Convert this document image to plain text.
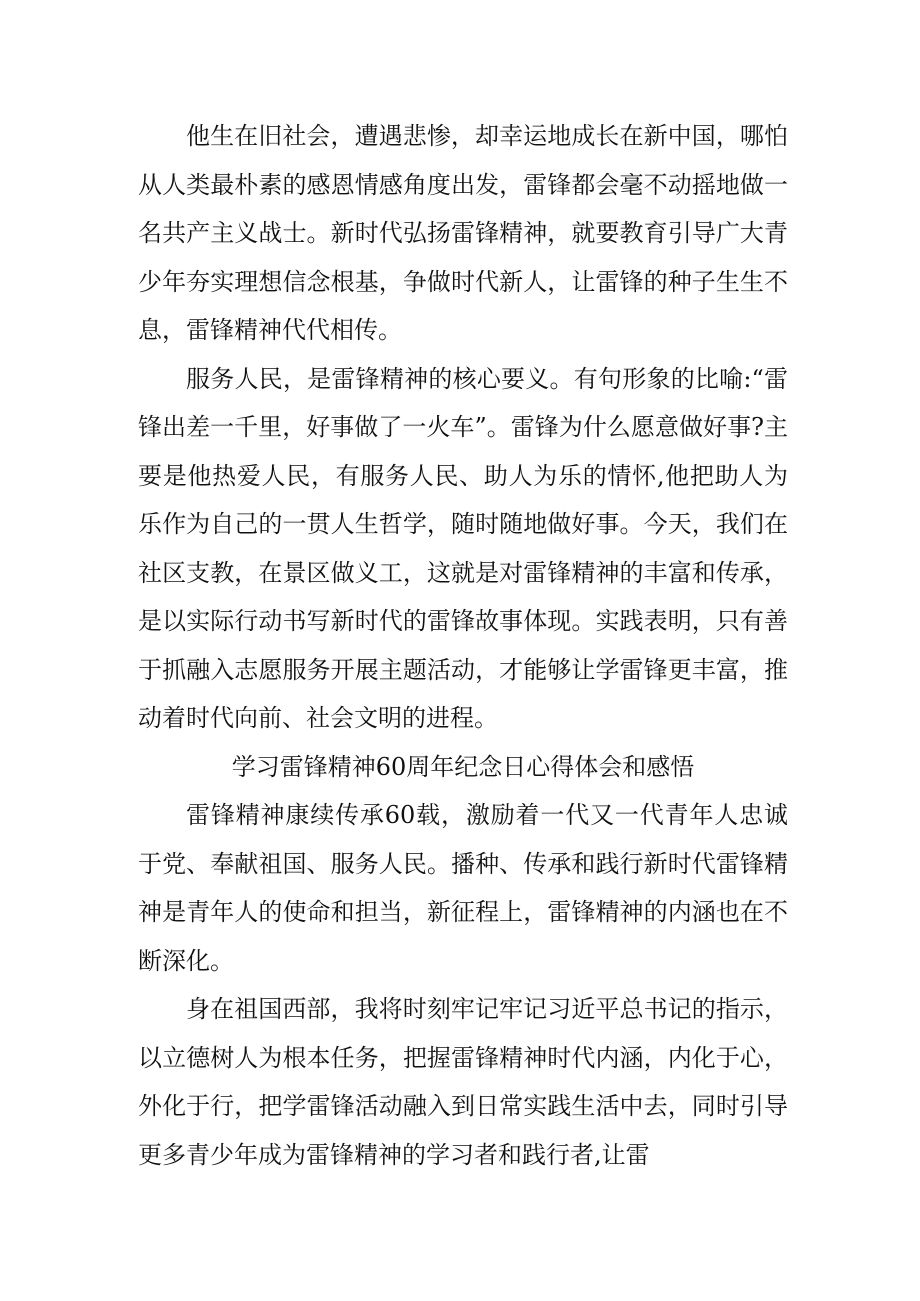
他生在旧社会，遭遇悲惨，却幸运地成长在新中国，哪怕从人类最朴素的感恩情感角度出发，雷锋都会毫不动摇地做一名共产主义战士。新时代弘扬雷锋精神，就要教育引导广大青少年夯实理想信念根基，争做时代新人，让雷锋的种子生生不息，雷锋精神代代相传。

服务人民，是雷锋精神的核心要义。有句形象的比喻:“雷锋出差一千里，好事做了一火车”。雷锋为什么愿意做好事?主要是他热爱人民，有服务人民、助人为乐的情怀,他把助人为乐作为自己的一贯人生哲学，随时随地做好事。今天，我们在社区支教，在景区做义工，这就是对雷锋精神的丰富和传承，是以实际行动书写新时代的雷锋故事体现。实践表明，只有善于抓融入志愿服务开展主题活动，才能够让学雷锋更丰富，推动着时代向前、社会文明的进程。

学习雷锋精神60周年纪念日心得体会和感悟

雷锋精神康续传承60载，激励着一代又一代青年人忠诚于党、奉献祖国、服务人民。播种、传承和践行新时代雷锋精神是青年人的使命和担当，新征程上，雷锋精神的内涵也在不断深化。

身在祖国西部，我将时刻牢记牢记习近平总书记的指示，以立德树人为根本任务，把握雷锋精神时代内涵，内化于心，外化于行，把学雷锋活动融入到日常实践生活中去，同时引导更多青少年成为雷锋精神的学习者和践行者,让雷
